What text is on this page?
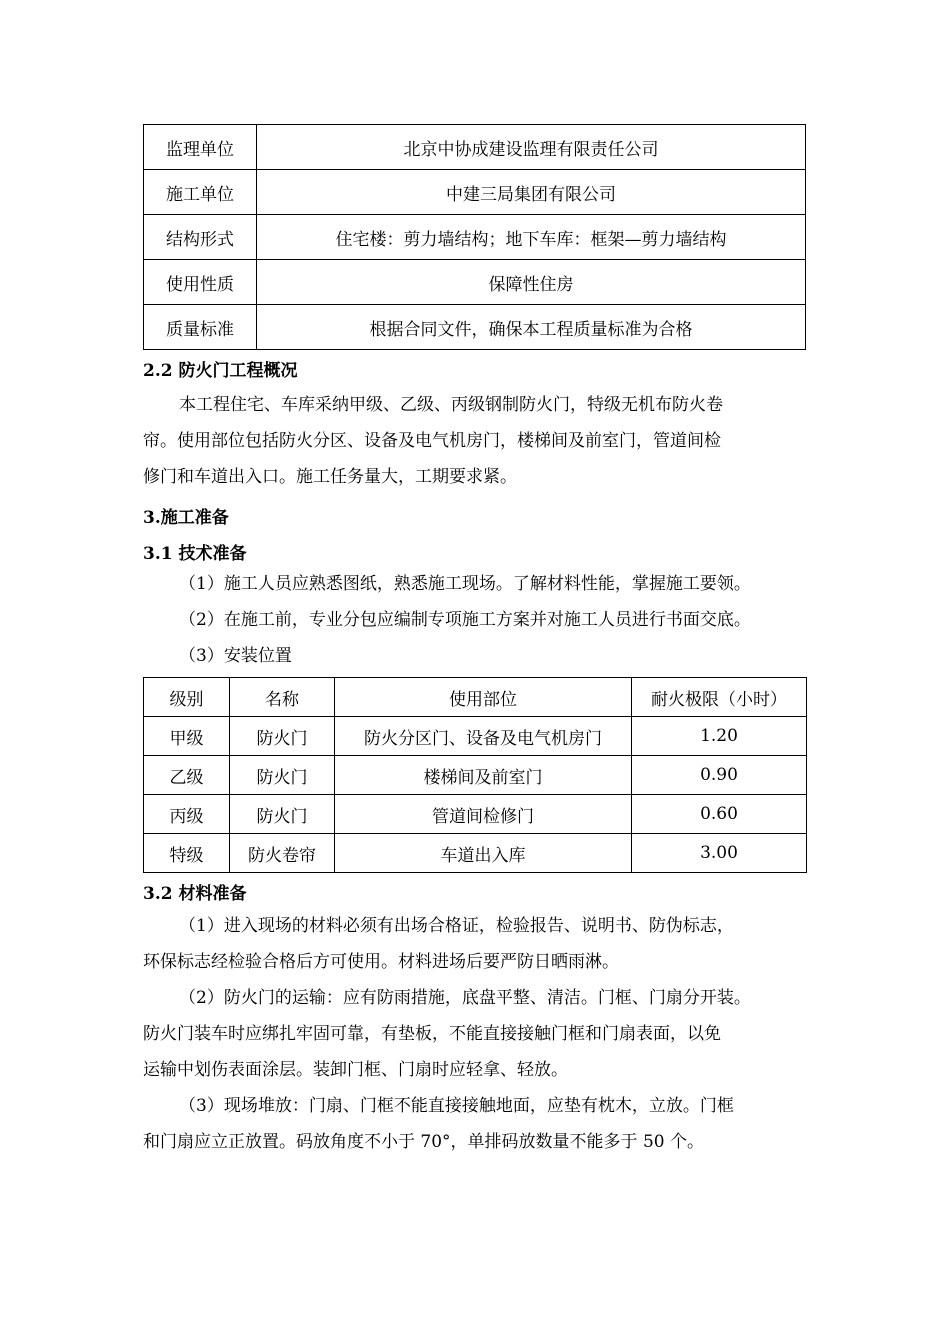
监理单位	北京中协成建设监理有限责任公司
施工单位	中建三局集团有限公司
结构形式	住宅楼：剪力墙结构；地下车库：框架—剪力墙结构
使用性质	保障性住房
质量标准	根据合同文件，确保本工程质量标准为合格
2.2 防火门工程概况
本工程住宅、车库采纳甲级、乙级、丙级钢制防火门，特级无机布防火卷
帘。使用部位包括防火分区、设备及电气机房门，楼梯间及前室门，管道间检
修门和车道出入口。施工任务量大，工期要求紧。
3.施工准备
3.1 技术准备
（1）施工人员应熟悉图纸，熟悉施工现场。了解材料性能，掌握施工要领。
（2）在施工前，专业分包应编制专项施工方案并对施工人员进行书面交底。
（3）安装位置
级别	名称	使用部位	耐火极限（小时）
甲级	防火门	防火分区门、设备及电气机房门	1.20
乙级	防火门	楼梯间及前室门	0.90
丙级	防火门	管道间检修门	0.60
特级	防火卷帘	车道出入库	3.00
3.2 材料准备
（1）进入现场的材料必须有出场合格证，检验报告、说明书、防伪标志，
环保标志经检验合格后方可使用。材料进场后要严防日晒雨淋。
（2）防火门的运输：应有防雨措施，底盘平整、清洁。门框、门扇分开装。
防火门装车时应绑扎牢固可靠，有垫板，不能直接接触门框和门扇表面，以免
运输中划伤表面涂层。装卸门框、门扇时应轻拿、轻放。
（3）现场堆放：门扇、门框不能直接接触地面，应垫有枕木，立放。门框
和门扇应立正放置。码放角度不小于 70°，单排码放数量不能多于 50 个。
